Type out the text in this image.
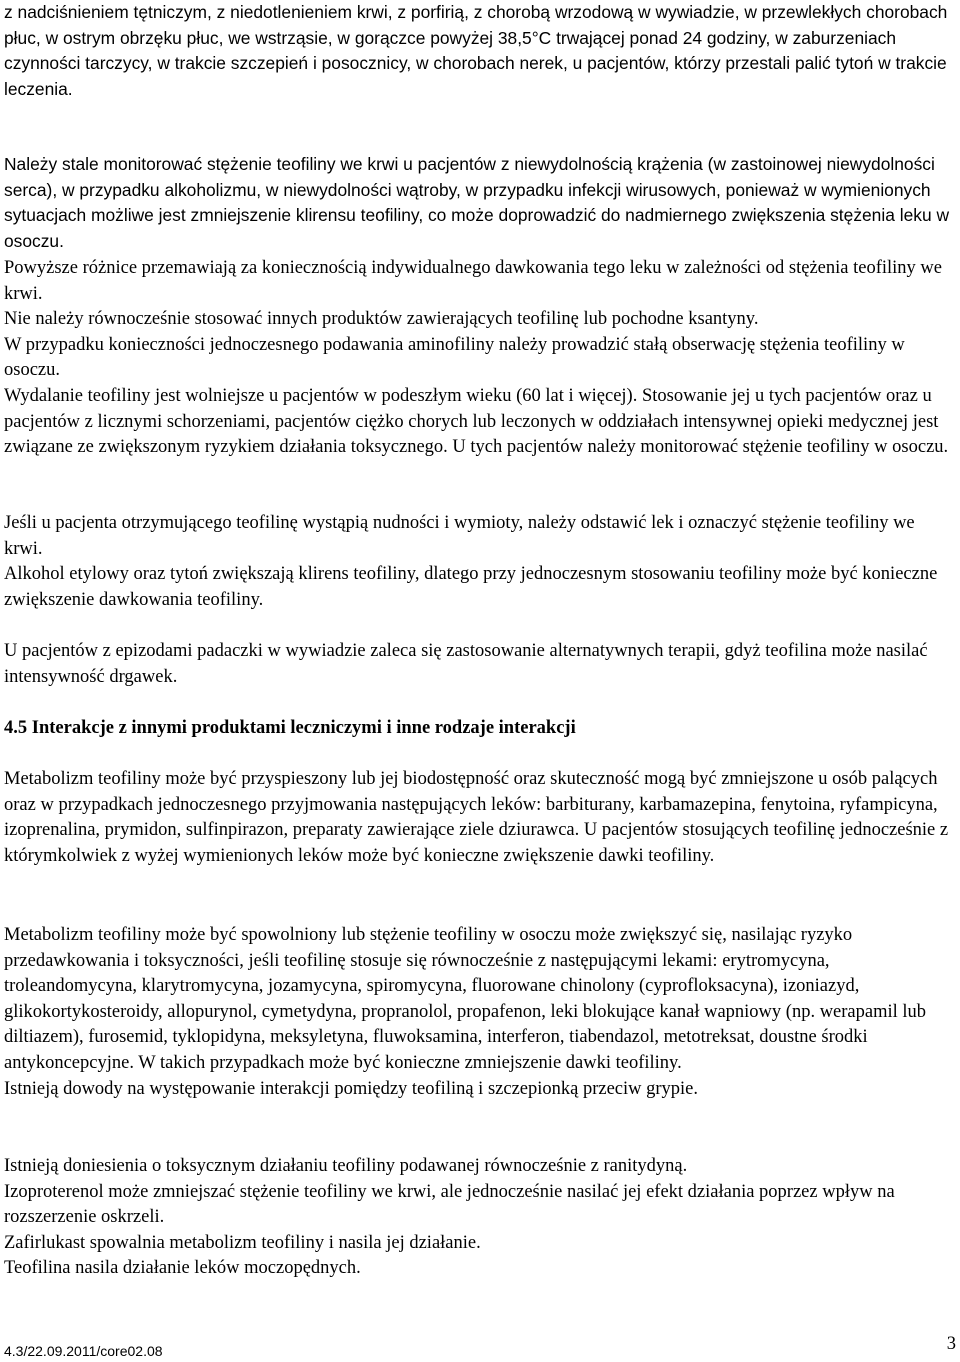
z nadciśnieniem tętniczym, z niedotlenieniem krwi, z porfirią, z chorobą wrzodową w wywiadzie, w przewlekłych chorobach płuc, w ostrym obrzęku płuc, we wstrząsie, w gorączce powyżej 38,5°C trwającej ponad 24 godziny, w zaburzeniach czynności tarczycy, w trakcie szczepień i posocznicy, w chorobach nerek, u pacjentów, którzy przestali palić tytoń w trakcie leczenia.

Należy stale monitorować stężenie teofiliny we krwi u pacjentów z niewydolnością krążenia (w zastoinowej niewydolności serca), w przypadku alkoholizmu, w niewydolności wątroby, w przypadku infekcji wirusowych, ponieważ w wymienionych sytuacjach możliwe jest zmniejszenie klirensu teofiliny, co może doprowadzić do nadmiernego zwiększenia stężenia leku w osoczu.

Powyższe różnice przemawiają za koniecznością indywidualnego dawkowania tego leku w zależności od stężenia teofiliny we krwi.

Nie należy równocześnie stosować innych produktów zawierających teofilinę lub pochodne ksantyny.

W przypadku konieczności jednoczesnego podawania aminofiliny należy prowadzić stałą obserwację stężenia teofiliny w osoczu.

Wydalanie teofiliny jest wolniejsze u pacjentów w podeszłym wieku (60 lat i więcej). Stosowanie jej u tych pacjentów oraz u pacjentów z licznymi schorzeniami, pacjentów ciężko chorych lub leczonych w oddziałach intensywnej opieki medycznej jest związane ze zwiększonym ryzykiem działania toksycznego. U tych pacjentów należy monitorować stężenie teofiliny w osoczu.

Jeśli u pacjenta otrzymującego teofilinę wystąpią nudności i wymioty, należy odstawić lek i oznaczyć stężenie teofiliny we krwi.

Alkohol etylowy oraz tytoń zwiększają klirens teofiliny, dlatego przy jednoczesnym stosowaniu teofiliny może być konieczne zwiększenie dawkowania teofiliny.

U pacjentów z epizodami padaczki w wywiadzie zaleca się zastosowanie alternatywnych terapii, gdyż teofilina może nasilać intensywność drgawek.

4.5 Interakcje z innymi produktami leczniczymi i inne rodzaje interakcji

Metabolizm teofiliny może być przyspieszony lub jej biodostępność oraz skuteczność mogą być zmniejszone u osób palących oraz w przypadkach jednoczesnego przyjmowania następujących leków: barbiturany, karbamazepina, fenytoina, ryfampicyna, izoprenalina, prymidon, sulfinpirazon, preparaty zawierające ziele dziurawca. U pacjentów stosujących teofilinę jednocześnie z którymkolwiek z wyżej wymienionych leków może być konieczne zwiększenie dawki teofiliny.

Metabolizm teofiliny może być spowolniony lub stężenie teofiliny w osoczu może zwiększyć się, nasilając ryzyko przedawkowania i toksyczności, jeśli teofilinę stosuje się równocześnie z następującymi lekami: erytromycyna, troleandomycyna, klarytromycyna, jozamycyna, spiromycyna, fluorowane chinolony (cyprofloksacyna), izoniazyd, glikokortykosteroidy, allopurynol, cymetydyna, propranolol, propafenon, leki blokujące kanał wapniowy (np. werapamil lub diltiazem), furosemid, tyklopidyna, meksyletyna, fluwoksamina, interferon, tiabendazol, metotreksat, doustne środki antykoncepcyjne. W takich przypadkach może być konieczne zmniejszenie dawki teofiliny.

Istnieją dowody na występowanie interakcji pomiędzy teofiliną i szczepionką przeciw grypie.

Istnieją doniesienia o toksycznym działaniu teofiliny podawanej równocześnie z ranitydyną.

Izoproterenol może zmniejszać stężenie teofiliny we krwi, ale jednocześnie nasilać jej efekt działania poprzez wpływ na rozszerzenie oskrzeli.

Zafirlukast spowalnia metabolizm teofiliny i nasila jej działanie.

Teofilina nasila działanie leków moczopędnych.

4.3/22.09.2011/core02.08	3
